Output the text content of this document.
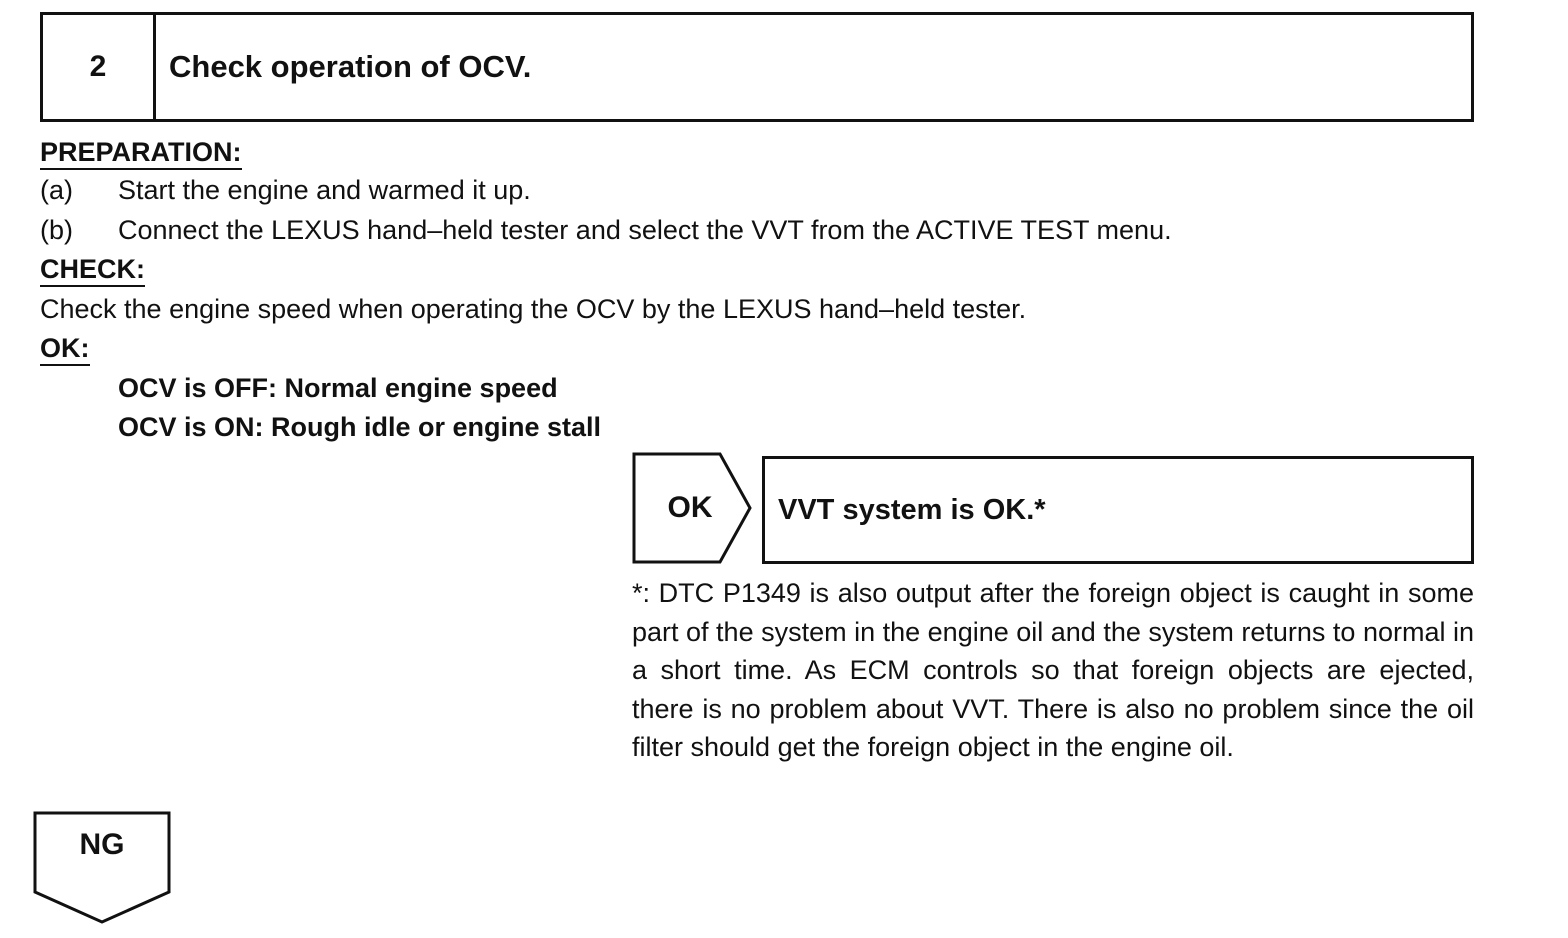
2	Check operation of OCV.
PREPARATION:
(a) Start the engine and warmed it up.
(b) Connect the LEXUS hand–held tester and select the VVT from the ACTIVE TEST menu.
CHECK:
Check the engine speed when operating the OCV by the LEXUS hand–held tester.
OK:
OCV is OFF: Normal engine speed
OCV is ON: Rough idle or engine stall
OK	VVT system is OK.*
*: DTC P1349 is also output after the foreign object is caught in some part of the system in the engine oil and the system returns to normal in a short time. As ECM controls so that foreign objects are ejected, there is no problem about VVT. There is also no problem since the oil filter should get the foreign object in the engine oil.
NG
